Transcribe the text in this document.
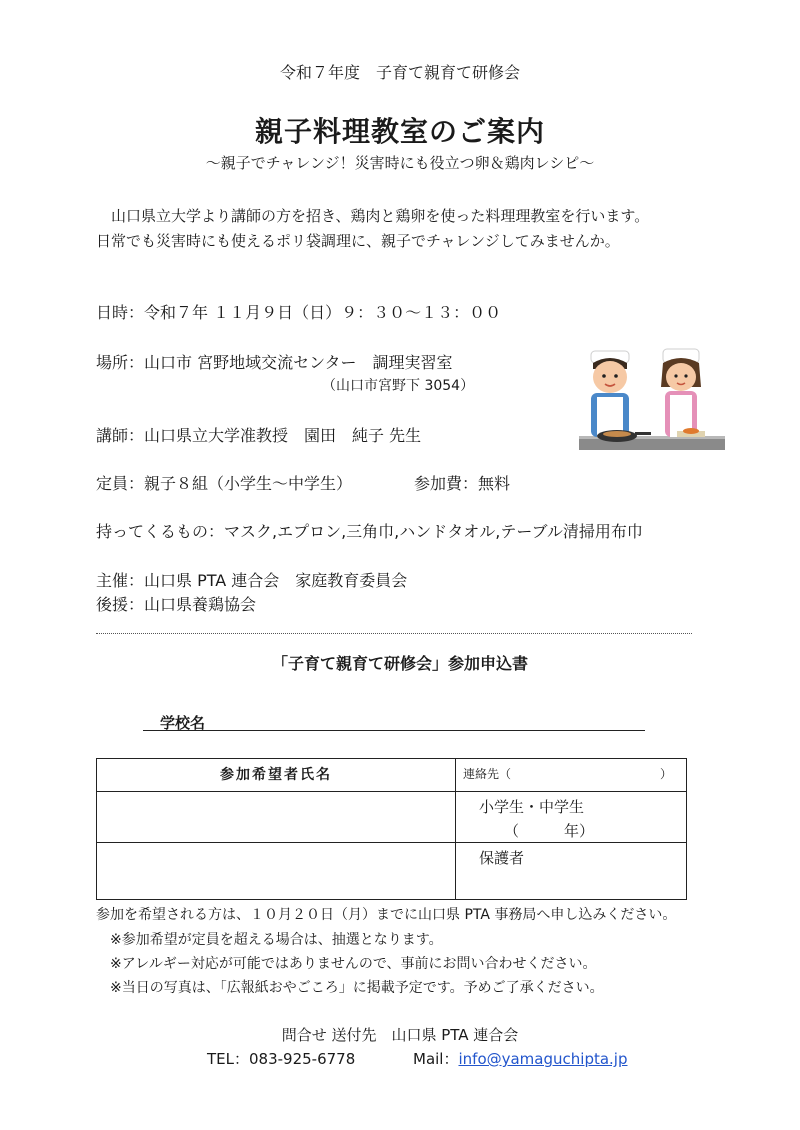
令和７年度　子育て親育て研修会
親子料理教室のご案内
～親子でチャレンジ！災害時にも役立つ卵＆鶏肉レシピ～
　山口県立大学より講師の方を招き、鶏肉と鶏卵を使った料理理教室を行います。
日常でも災害時にも使えるポリ袋調理に、親子でチャレンジしてみませんか。
日時：令和７年 １１月９日（日）９：３０～１３：００
場所：山口市 宮野地域交流センター　調理実習室
（山口市宮野下 3054）
講師：山口県立大学准教授　園田　純子 先生
定員：親子８組（小学生～中学生）	参加費：無料
持ってくるもの：マスク,エプロン,三角巾,ハンドタオル,テーブル清掃用布巾
主催：山口県 PTA 連合会　家庭教育委員会
後援：山口県養鶏協会
「子育て親育て研修会」参加申込書
学校名
参加希望者氏名	連絡先（ ）

	小学生・中学生
（　　　年）

	保護者
参加を希望される方は、１０月２０日（月）までに山口県 PTA 事務局へ申し込みください。
※参加希望が定員を超える場合は、抽選となります。
※アレルギー対応が可能ではありませんので、事前にお問い合わせください。
※当日の写真は、「広報紙おやごころ」に掲載予定です。予めご了承ください。
問合せ 送付先　山口県 PTA 連合会
TEL：083-925-6778	Mail：info@yamaguchipta.jp
